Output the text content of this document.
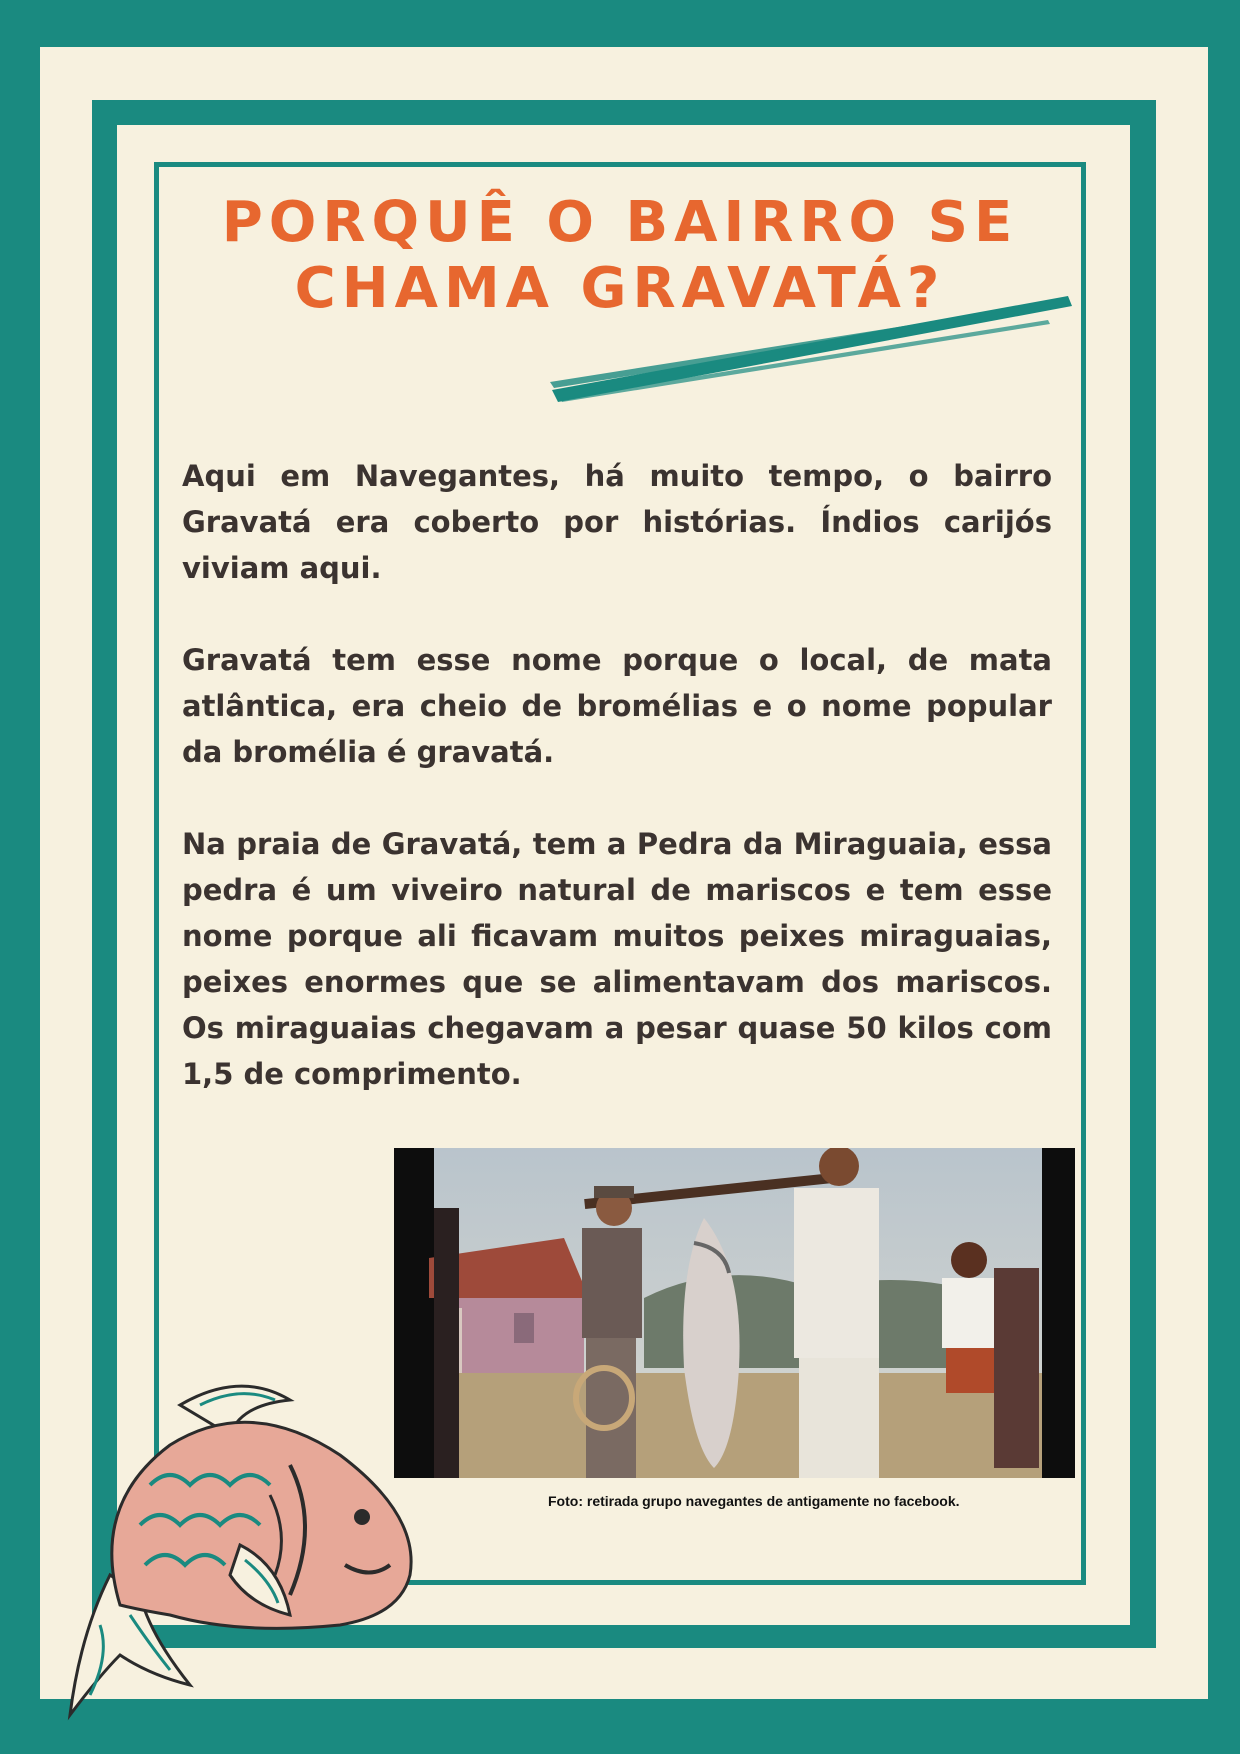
PORQUÊ O BAIRRO SE
CHAMA GRAVATÁ?

Aqui em Navegantes, há muito tempo, o bairro Gravatá era coberto por histórias. Índios carijós viviam aqui.

Gravatá tem esse nome porque o local, de mata atlântica, era cheio de bromélias e o nome popular da bromélia é gravatá.

Na praia de Gravatá, tem a Pedra da Miraguaia, essa pedra é um viveiro natural de mariscos e tem esse nome porque ali ficavam muitos peixes miraguaias, peixes enormes que se alimentavam dos mariscos. Os miraguaias chegavam a pesar quase 50 kilos com 1,5 de comprimento.

Foto: retirada grupo navegantes de antigamente no facebook.
